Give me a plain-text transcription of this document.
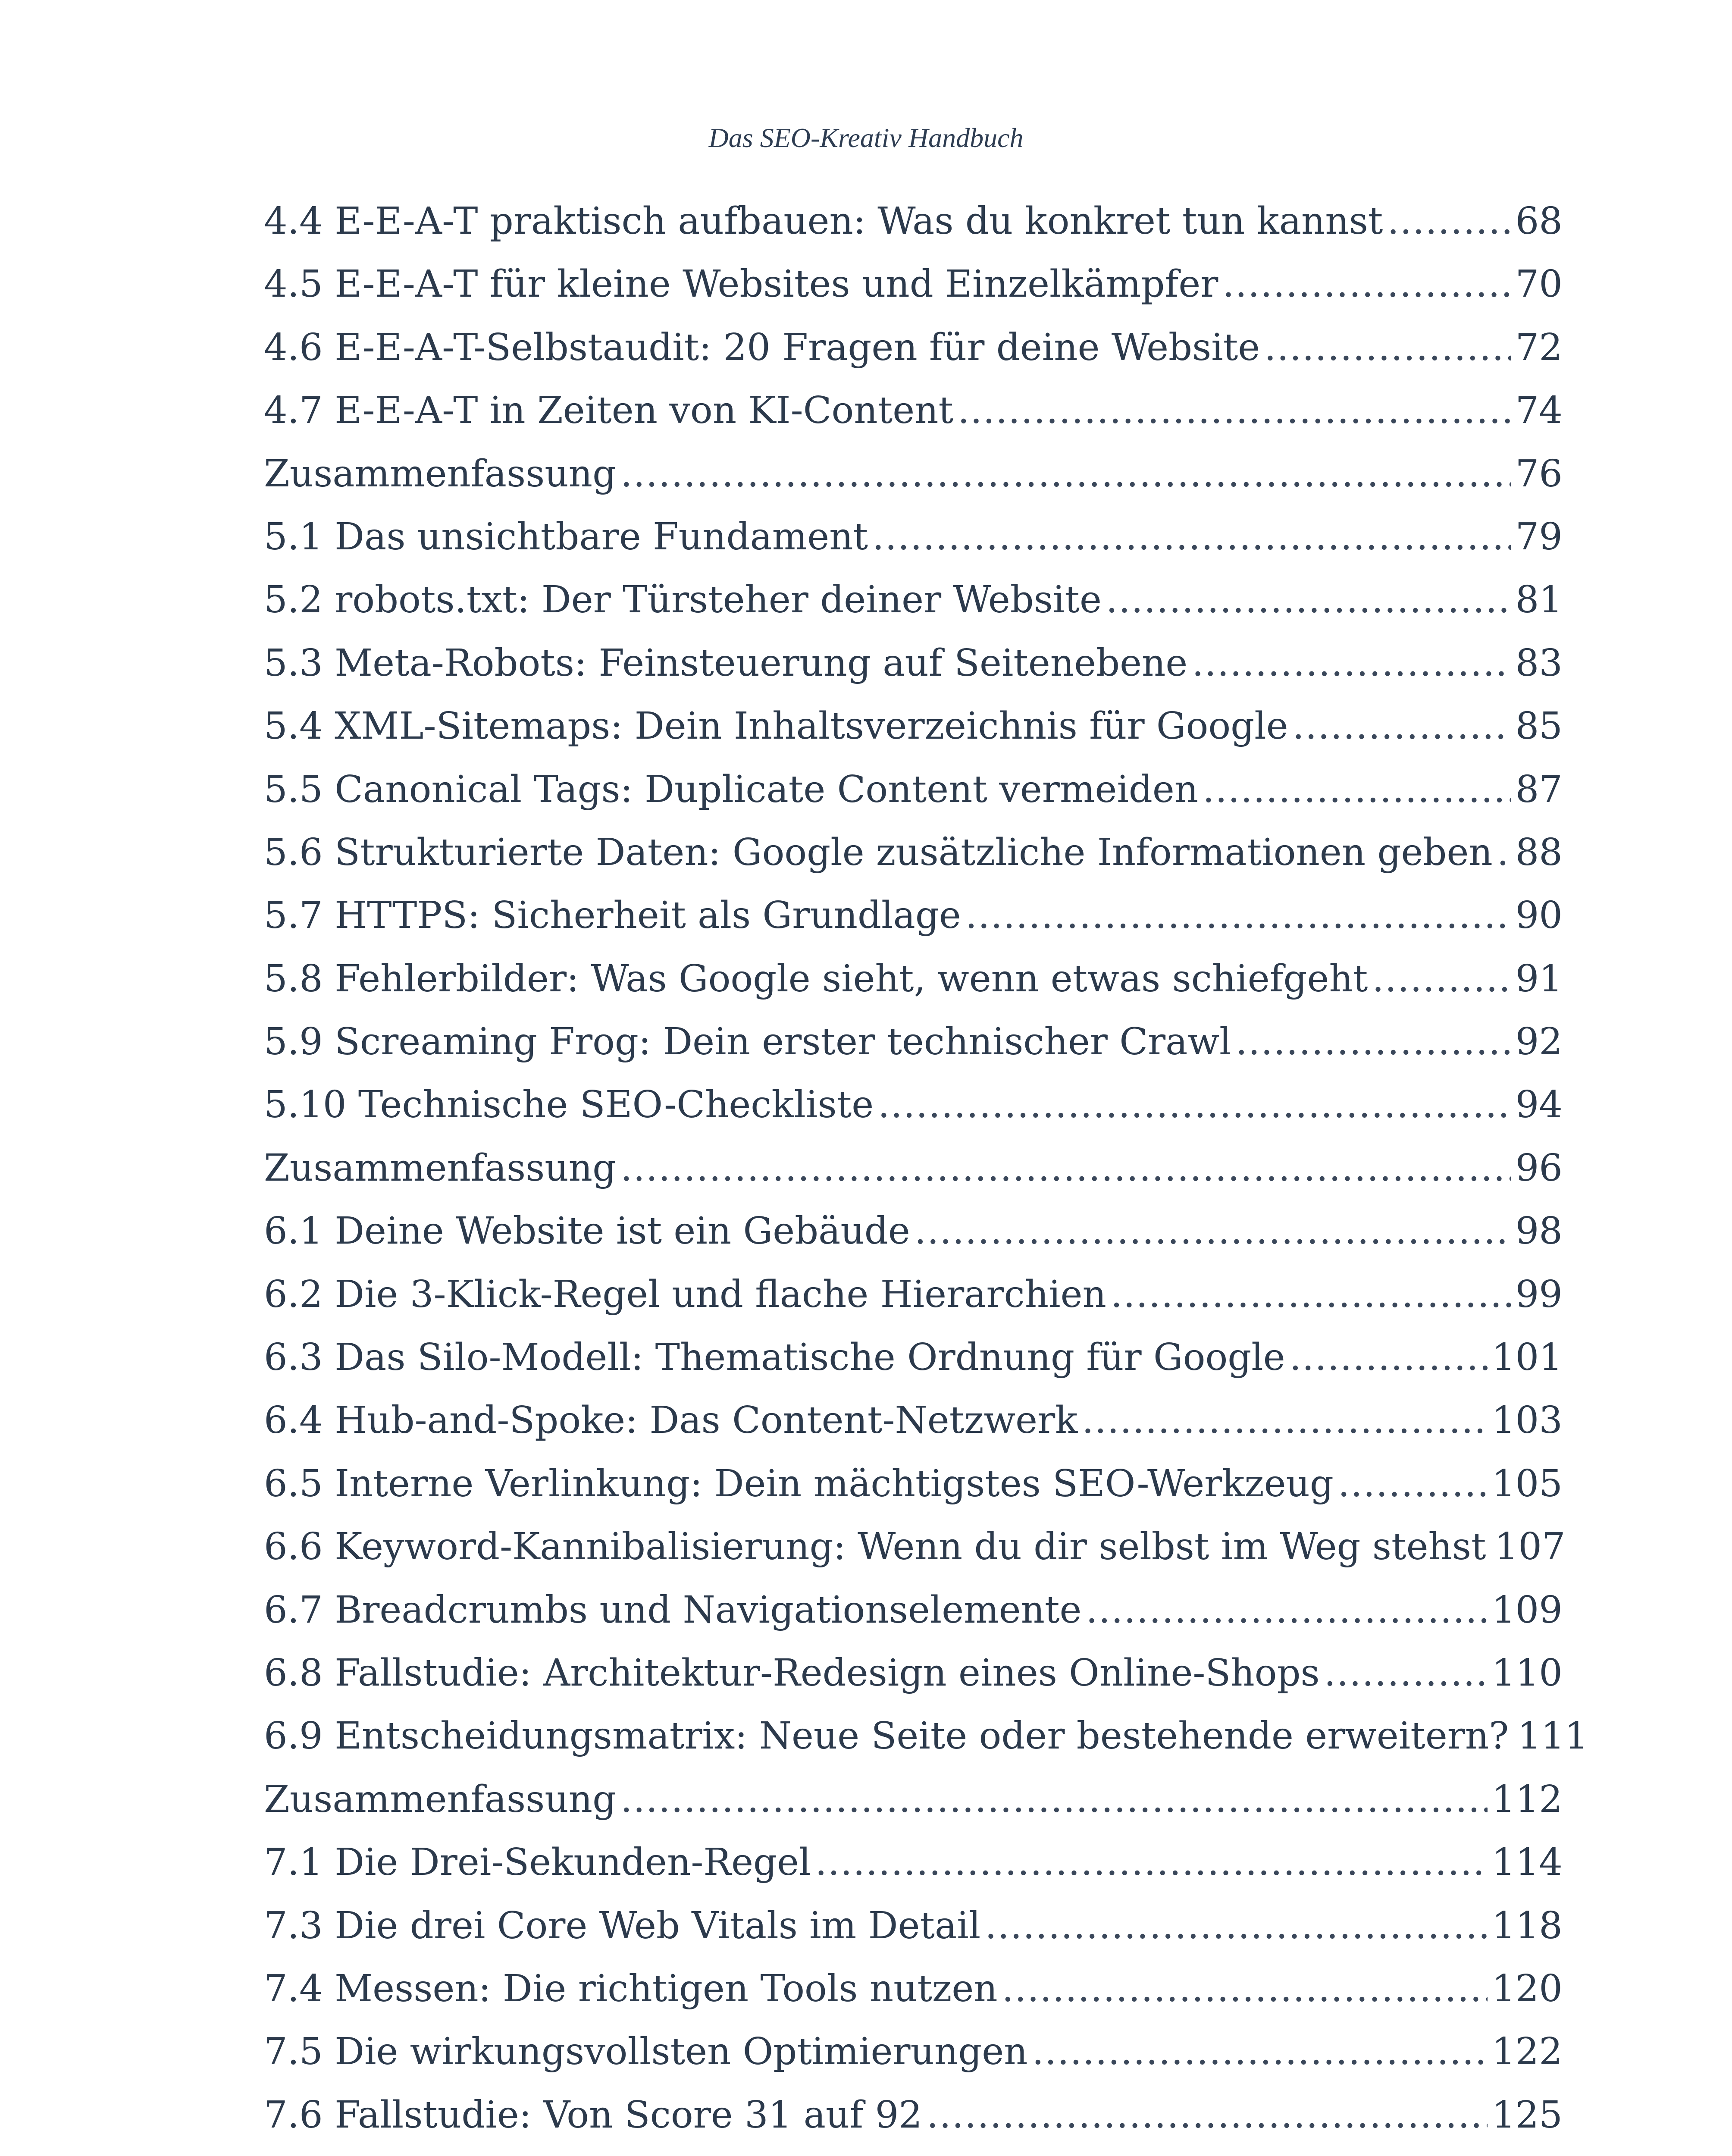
Das SEO-Kreativ Handbuch
4.4 E-E-A-T praktisch aufbauen: Was du konkret tun kannst .....	68
4.5 E-E-A-T für kleine Websites und Einzelkämpfer .....	70
4.6 E-E-A-T-Selbstaudit: 20 Fragen für deine Website .....	72
4.7 E-E-A-T in Zeiten von KI-Content .....	74
Zusammenfassung .....	76
5.1 Das unsichtbare Fundament .....	79
5.2 robots.txt: Der Türsteher deiner Website .....	81
5.3 Meta-Robots: Feinsteuerung auf Seitenebene .....	83
5.4 XML-Sitemaps: Dein Inhaltsverzeichnis für Google .....	85
5.5 Canonical Tags: Duplicate Content vermeiden .....	87
5.6 Strukturierte Daten: Google zusätzliche Informationen geben ..... 88
5.7 HTTPS: Sicherheit als Grundlage .....	90
5.8 Fehlerbilder: Was Google sieht, wenn etwas schiefgeht .....	91
5.9 Screaming Frog: Dein erster technischer Crawl .....	92
5.10 Technische SEO-Checkliste .....	94
Zusammenfassung .....	96
6.1 Deine Website ist ein Gebäude .....	98
6.2 Die 3-Klick-Regel und flache Hierarchien .....	99
6.3 Das Silo-Modell: Thematische Ordnung für Google .....	101
6.4 Hub-and-Spoke: Das Content-Netzwerk .....	103
6.5 Interne Verlinkung: Dein mächtigstes SEO-Werkzeug .....	105
6.6 Keyword-Kannibalisierung: Wenn du dir selbst im Weg stehst 107
6.7 Breadcrumbs und Navigationselemente .....	109
6.8 Fallstudie: Architektur-Redesign eines Online-Shops .....	110
6.9 Entscheidungsmatrix: Neue Seite oder bestehende erweitern? 111
Zusammenfassung .....	112
7.1 Die Drei-Sekunden-Regel .....	114
7.3 Die drei Core Web Vitals im Detail .....	118
7.4 Messen: Die richtigen Tools nutzen .....	120
7.5 Die wirkungsvollsten Optimierungen .....	122
7.6 Fallstudie: Von Score 31 auf 92 .....	125
